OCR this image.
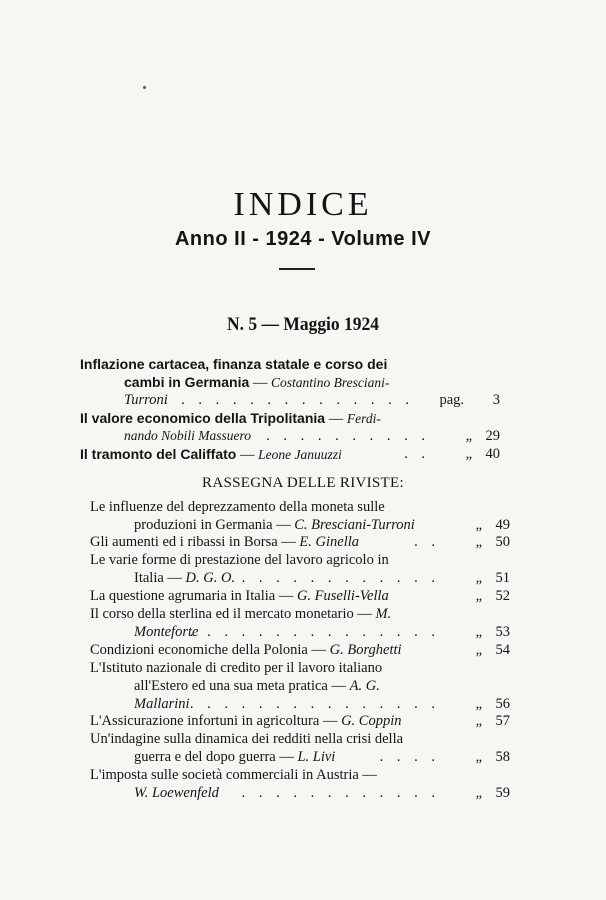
INDICE
Anno II - 1924 - Volume IV
N. 5 — Maggio 1924
Inflazione cartacea, finanza statale e corso dei
cambi in Germania — Costantino Bresciani-
Turroni
. . . . . . . . . . . . . . . pag.	3
Il valore economico della Tripolitania — Ferdi-
nando Nobili Massuero . . . . . . . . . . „ 29
Il tramonto del Califfato — Leone Januuzzi	. . „ 40
RASSEGNA DELLE RIVISTE:
Le influenze del deprezzamento della moneta sulle
produzioni in Germania — C. Bresciani-Turroni	„ 49
Gli aumenti ed i ribassi in Borsa — E. Ginella	. . „ 50
Le varie forme di prestazione del lavoro agricolo in
Italia — D. G. O. . . . . . . . . . . . . „ 51
La questione agrumaria in Italia — G. Fuselli-Vella	„ 52
Il corso della sterlina ed il mercato monetario — M.
Monteforte
. . . . . . . . . . . . . . . „ 53
Condizioni economiche della Polonia — G. Borghetti	„ 54
L'Istituto nazionale di credito per il lavoro italiano
all'Estero ed una sua meta pratica — A. G.
Mallarini . . . . . . . . . . . . . . . „ 56
L'Assicurazione infortuni in agricoltura — G. Coppin	„ 57
Un'indagine sulla dinamica dei redditi nella crisi della
guerra e del dopo guerra — L. Livi	. . . . „ 58
L'imposta sulle società commerciali in Austria —
W. Loewenfeld . . . . . . . . . . . . „ 59
